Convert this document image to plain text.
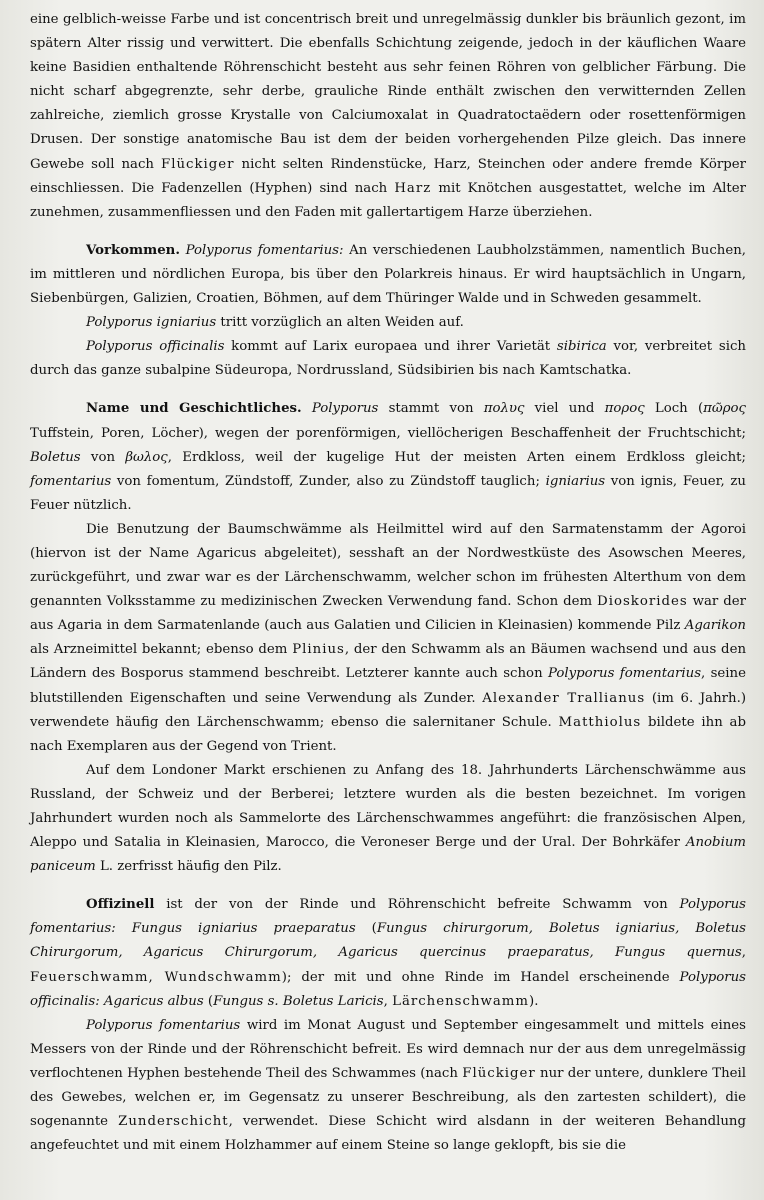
eine gelblich-weisse Farbe und ist concentrisch breit und unregelmässig dunkler bis bräunlich gezont, im spätern Alter rissig und verwittert. Die ebenfalls Schichtung zeigende, jedoch in der käuflichen Waare keine Basidien enthaltende Röhrenschicht besteht aus sehr feinen Röhren von gelblicher Färbung. Die nicht scharf abgegrenzte, sehr derbe, grauliche Rinde enthält zwischen den verwitternden Zellen zahlreiche, ziemlich grosse Krystalle von Calciumoxalat in Quadratoctaëdern oder rosettenförmigen Drusen. Der sonstige anatomische Bau ist dem der beiden vorhergehenden Pilze gleich. Das innere Gewebe soll nach Flückiger nicht selten Rindenstücke, Harz, Steinchen oder andere fremde Körper einschliessen. Die Fadenzellen (Hyphen) sind nach Harz mit Knötchen ausgestattet, welche im Alter zunehmen, zusammenfliessen und den Faden mit gallertartigem Harze überziehen.

Vorkommen. Polyporus fomentarius: An verschiedenen Laubholzstämmen, namentlich Buchen, im mittleren und nördlichen Europa, bis über den Polarkreis hinaus. Er wird hauptsächlich in Ungarn, Siebenbürgen, Galizien, Croatien, Böhmen, auf dem Thüringer Walde und in Schweden gesammelt.

Polyporus igniarius tritt vorzüglich an alten Weiden auf.

Polyporus officinalis kommt auf Larix europaea und ihrer Varietät sibirica vor, verbreitet sich durch das ganze subalpine Südeuropa, Nordrussland, Südsibirien bis nach Kamtschatka.

Name und Geschichtliches. Polyporus stammt von πολυς viel und πορος Loch (πῶρος Tuffstein, Poren, Löcher), wegen der porenförmigen, viellöcherigen Beschaffenheit der Fruchtschicht; Boletus von βωλος, Erdkloss, weil der kugelige Hut der meisten Arten einem Erdkloss gleicht; fomentarius von fomentum, Zündstoff, Zunder, also zu Zündstoff tauglich; igniarius von ignis, Feuer, zu Feuer nützlich.

Die Benutzung der Baumschwämme als Heilmittel wird auf den Sarmatenstamm der Agoroi (hiervon ist der Name Agaricus abgeleitet), sesshaft an der Nordwestküste des Asowschen Meeres, zurückgeführt, und zwar war es der Lärchenschwamm, welcher schon im frühesten Alterthum von dem genannten Volksstamme zu medizinischen Zwecken Verwendung fand. Schon dem Dioskorides war der aus Agaria in dem Sarmatenlande (auch aus Galatien und Cilicien in Kleinasien) kommende Pilz Agarikon als Arzneimittel bekannt; ebenso dem Plinius, der den Schwamm als an Bäumen wachsend und aus den Ländern des Bosporus stammend beschreibt. Letzterer kannte auch schon Polyporus fomentarius, seine blutstillenden Eigenschaften und seine Verwendung als Zunder. Alexander Trallianus (im 6. Jahrh.) verwendete häufig den Lärchenschwamm; ebenso die salernitaner Schule. Matthiolus bildete ihn ab nach Exemplaren aus der Gegend von Trient.

Auf dem Londoner Markt erschienen zu Anfang des 18. Jahrhunderts Lärchenschwämme aus Russland, der Schweiz und der Berberei; letztere wurden als die besten bezeichnet. Im vorigen Jahrhundert wurden noch als Sammelorte des Lärchenschwammes angeführt: die französischen Alpen, Aleppo und Satalia in Kleinasien, Marocco, die Veroneser Berge und der Ural. Der Bohrkäfer Anobium paniceum L. zerfrisst häufig den Pilz.

Offizinell ist der von der Rinde und Röhrenschicht befreite Schwamm von Polyporus fomentarius: Fungus igniarius praeparatus (Fungus chirurgorum, Boletus igniarius, Boletus Chirurgorum, Agaricus Chirurgorum, Agaricus quercinus praeparatus, Fungus quernus, Feuerschwamm, Wundschwamm); der mit und ohne Rinde im Handel erscheinende Polyporus officinalis: Agaricus albus (Fungus s. Boletus Laricis, Lärchenschwamm).

Polyporus fomentarius wird im Monat August und September eingesammelt und mittels eines Messers von der Rinde und der Röhrenschicht befreit. Es wird demnach nur der aus dem unregelmässig verflochtenen Hyphen bestehende Theil des Schwammes (nach Flückiger nur der untere, dunklere Theil des Gewebes, welchen er, im Gegensatz zu unserer Beschreibung, als den zartesten schildert), die sogenannte Zunderschicht, verwendet. Diese Schicht wird alsdann in der weiteren Behandlung angefeuchtet und mit einem Holzhammer auf einem Steine so lange geklopft, bis sie die
